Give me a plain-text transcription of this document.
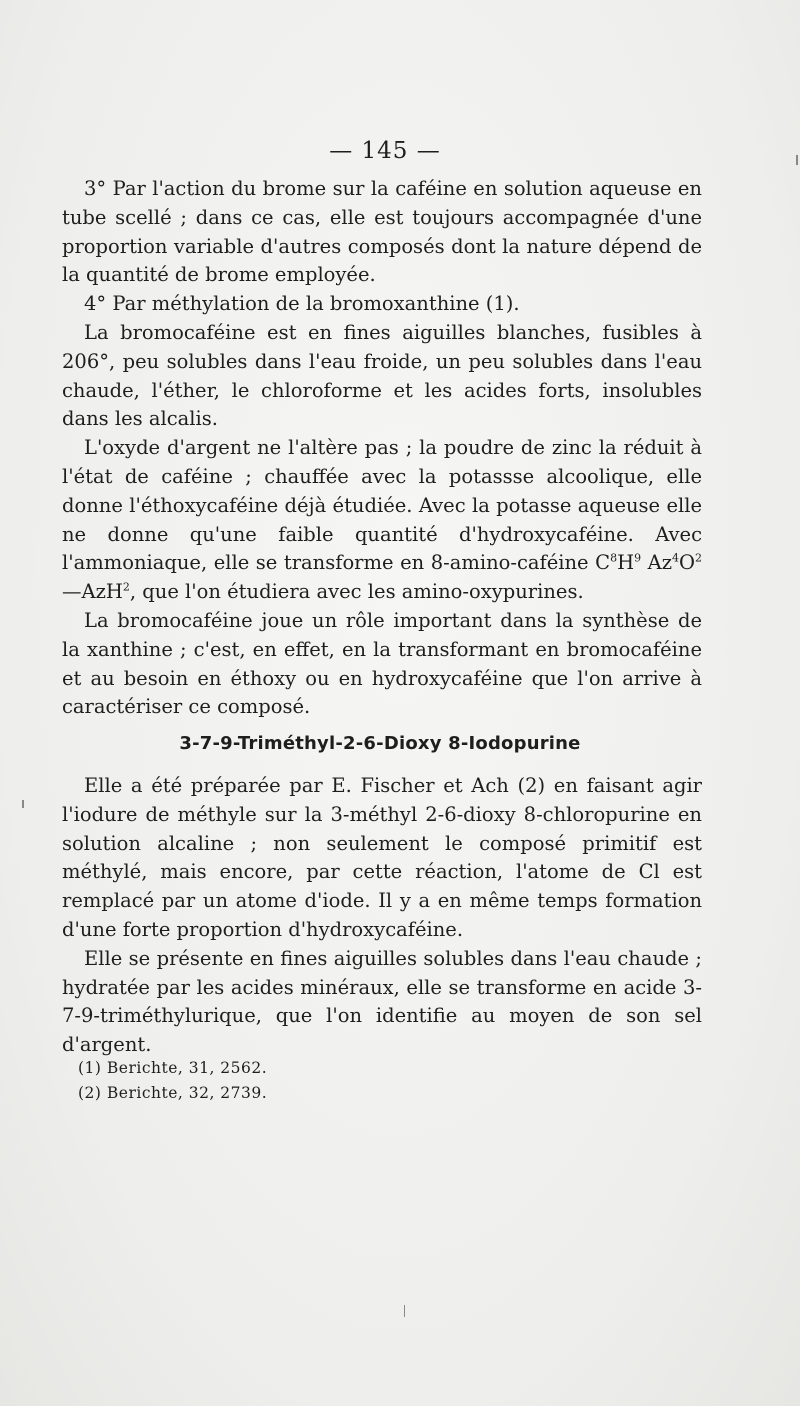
— 145 —

3° Par l'action du brome sur la caféine en solution aqueuse en tube scellé ; dans ce cas, elle est toujours accompagnée d'une proportion variable d'autres composés dont la nature dépend de la quantité de brome employée.

4° Par méthylation de la bromoxanthine (1).

La bromocaféine est en fines aiguilles blanches, fusibles à 206°, peu solubles dans l'eau froide, un peu solubles dans l'eau chaude, l'éther, le chloroforme et les acides forts, insolubles dans les alcalis.

L'oxyde d'argent ne l'altère pas ; la poudre de zinc la réduit à l'état de caféine ; chauffée avec la potassse alcoolique, elle donne l'éthoxycaféine déjà étudiée. Avec la potasse aqueuse elle ne donne qu'une faible quantité d'hydroxycaféine. Avec l'ammoniaque, elle se transforme en 8-amino-caféine $C^8H^9$ $Az^4O^2—AzH^2$, que l'on étudiera avec les amino-oxypurines.

La bromocaféine joue un rôle important dans la synthèse de la xanthine ; c'est, en effet, en la transformant en bromocaféine et au besoin en éthoxy ou en hydroxycaféine que l'on arrive à caractériser ce composé.

3-7-9-Triméthyl-2-6-Dioxy 8-Iodopurine

Elle a été préparée par E. Fischer et Ach (2) en faisant agir l'iodure de méthyle sur la 3-méthyl 2-6-dioxy 8-chloropurine en solution alcaline ; non seulement le composé primitif est méthylé, mais encore, par cette réaction, l'atome de Cl est remplacé par un atome d'iode. Il y a en même temps formation d'une forte proportion d'hydroxycaféine.

Elle se présente en fines aiguilles solubles dans l'eau chaude ; hydratée par les acides minéraux, elle se transforme en acide 3-7-9-triméthylurique, que l'on identifie au moyen de son sel d'argent.

(1) Berichte, 31, 2562.
(2) Berichte, 32, 2739.
